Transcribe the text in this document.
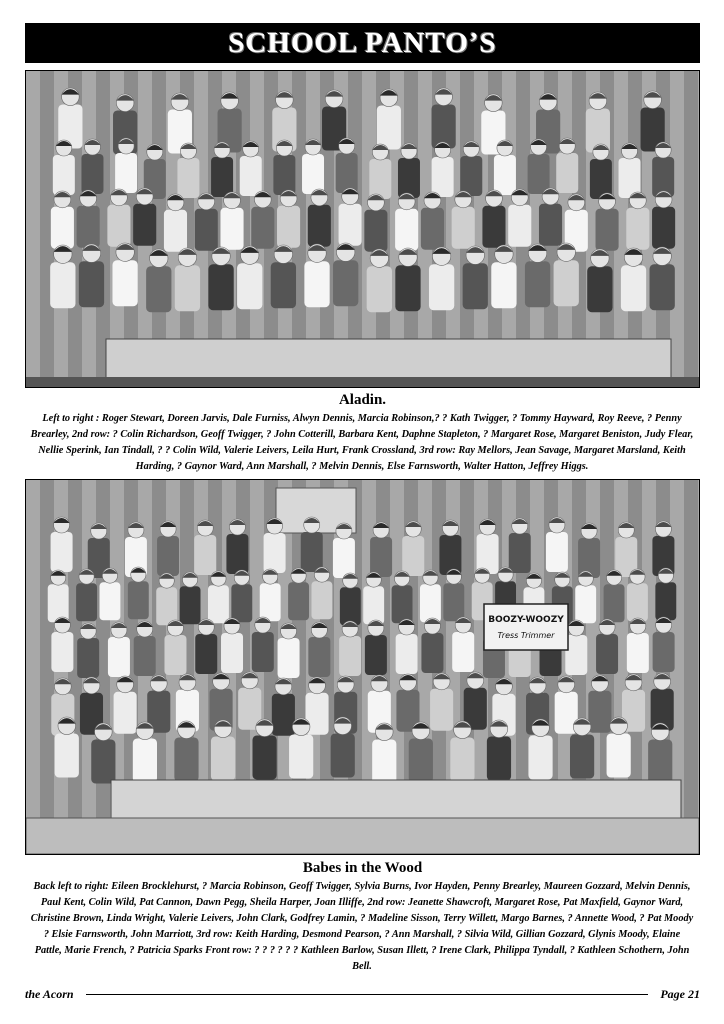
SCHOOL PANTO’S
Aladin.
Left to right : Roger Stewart, Doreen Jarvis, Dale Furniss, Alwyn Dennis, Marcia Robinson,? ? Kath Twigger, ? Tommy Hayward, Roy Reeve, ? Penny Brearley, 2nd row: ? Colin Richardson, Geoff Twigger, ? John Cotterill, Barbara Kent, Daphne Stapleton, ? Margaret Rose, Margaret Beniston, Judy Flear, Nellie Sperink, Ian Tindall, ? ? Colin Wild, Valerie Leivers, Leila Hurt, Frank Crossland, 3rd row: Ray Mellors, Jean Savage, Margaret Marsland, Keith Harding, ? Gaynor Ward, Ann Marshall, ? Melvin Dennis, Else Farnsworth, Walter Hatton, Jeffrey Higgs.
BOOZY-WOOZY
Tress Trimmer
Babes in the Wood
Back left to right: Eileen Brocklehurst, ? Marcia Robinson, Geoff Twigger, Sylvia Burns, Ivor Hayden, Penny Brearley, Maureen Gozzard, Melvin Dennis, Paul Kent, Colin Wild, Pat Cannon, Dawn Pegg, Sheila Harper, Joan Illiffe, 2nd row: Jeanette Shawcroft, Margaret Rose, Pat Maxfield, Gaynor Ward, Christine Brown, Linda Wright, Valerie Leivers, John Clark, Godfrey Lamin, ? Madeline Sisson, Terry Willett, Margo Barnes, ? Annette Wood, ? Pat Moody ? Elsie Farnsworth, John Marriott, 3rd row: Keith Harding, Desmond Pearson, ? Ann Marshall, ? Silvia Wild, Gillian Gozzard, Glynis Moody, Elaine Pattle, Marie French, ? Patricia Sparks Front row: ? ? ? ? ? ? Kathleen Barlow, Susan Illett, ? Irene Clark, Philippa Tyndall, ? Kathleen Schothern, John Bell.
the Acorn	Page 21
